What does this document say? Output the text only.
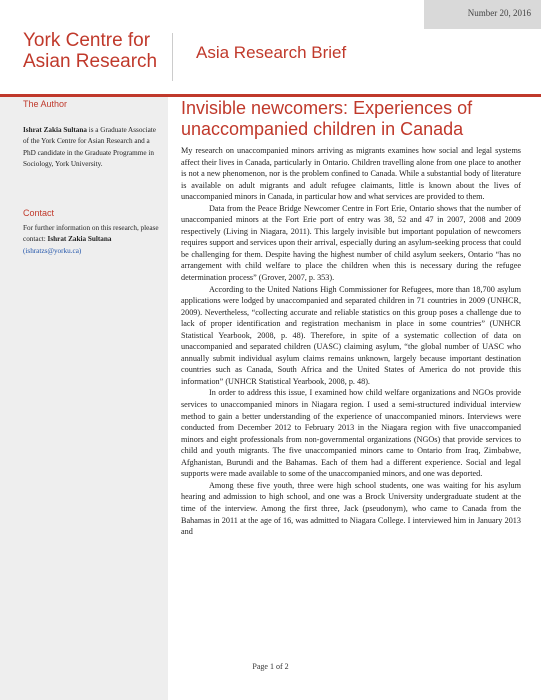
Number 20, 2016
York Centre for
Asian Research Asia Research Brief
The Author
Ishrat Zakia Sultana is a Graduate Associate of the York Centre for Asian Research and a PhD candidate in the Graduate Programme in Sociology, York University.
Contact
For further information on this research, please contact: Ishrat Zakia Sultana (ishratzs@yorku.ca)
Invisible newcomers: Experiences of unaccompanied children in Canada

My research on unaccompanied minors arriving as migrants examines how social and legal systems affect their lives in Canada, particularly in Ontario. Children travelling alone from one place to another is not a new phenomenon, nor is the problem confined to Canada. While a substantial body of literature is available on adult migrants and adult refugee claimants, little is known about the lives of unaccompanied minors in Canada, in particular how and what services are provided to them.

Data from the Peace Bridge Newcomer Centre in Fort Erie, Ontario shows that the number of unaccompanied minors at the Fort Erie port of entry was 38, 52 and 47 in 2007, 2008 and 2009 respectively (Living in Niagara, 2011). This largely invisible but important population of newcomers requires support and services upon their arrival, especially during an asylum-seeking process that could be challenging for them. Despite having the highest number of child asylum seekers, Ontario “has no arrangement with child welfare to place the children when this is necessary during the refugee determination process” (Grover, 2007, p. 353).

According to the United Nations High Commissioner for Refugees, more than 18,700 asylum applications were lodged by unaccompanied and separated children in 71 countries in 2009 (UNHCR, 2009). Nevertheless, “collecting accurate and reliable statistics on this group poses a challenge due to lack of proper identification and registration mechanism in place in some countries” (UNHCR Statistical Yearbook, 2008, p. 48). Therefore, in spite of a systematic collection of data on unaccompanied and separated children (UASC) claiming asylum, “the global number of UASC who annually submit individual asylum claims remains unknown, largely because important destination countries such as Canada, South Africa and the United States of America do not provide this information” (UNHCR Statistical Yearbook, 2008, p. 48).

In order to address this issue, I examined how child welfare organizations and NGOs provide services to unaccompanied minors in Niagara region. I used a semi-structured individual interview method to gain a better understanding of the experience of unaccompanied minors. Interviews were conducted from December 2012 to February 2013 in the Niagara region with five unaccompanied minors and eight professionals from non-governmental organizations (NGOs) that provide services to child and youth migrants. The five unaccompanied minors came to Ontario from Iraq, Zimbabwe, Afghanistan, Burundi and the Bahamas. Each of them had a different experience. Social and legal supports were made available to some of the unaccompanied minors, and one was deported.

Among these five youth, three were high school students, one was waiting for his asylum hearing and admission to high school, and one was a Brock University undergraduate student at the time of the interview. Among the first three, Jack (pseudonym), who came to Canada from the Bahamas in 2011 at the age of 16, was admitted to Niagara College. I interviewed him in January 2013 and

Page 1 of 2
